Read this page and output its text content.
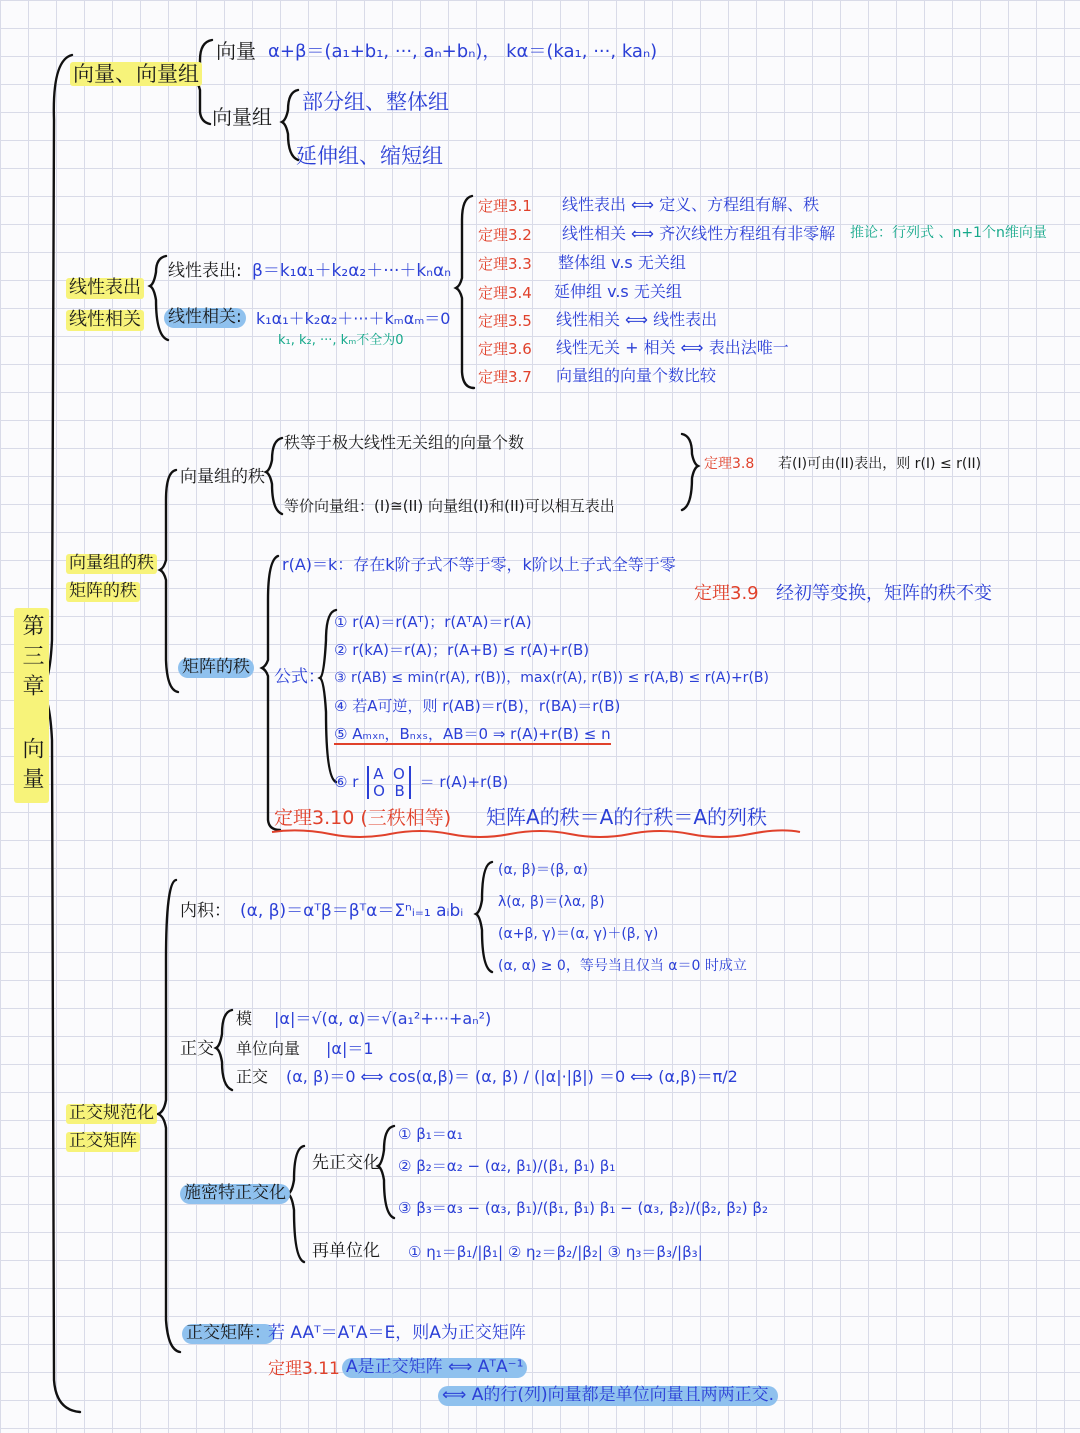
第三章 向量
向量、向量组
向量 α+β＝(a₁+b₁, ···, aₙ+bₙ)， kα＝(ka₁, ···, kaₙ)
向量组
部分组、整体组
延伸组、缩短组
线性表出
线性相关
线性表出: β＝k₁α₁＋k₂α₂＋···＋kₙαₙ
线性相关: k₁α₁＋k₂α₂＋···＋kₘαₘ＝0
k₁, k₂, ···, kₘ不全为0
定理3.1 线性表出 ⟺ 定义、方程组有解、秩
定理3.2 线性相关 ⟺ 齐次线性方程组有非零解 推论：行列式 、n+1个n维向量
定理3.3 整体组 v.s 无关组
定理3.4 延伸组 v.s 无关组
定理3.5 线性相关 ⟺ 线性表出
定理3.6 线性无关 + 相关 ⟺ 表出法唯一
定理3.7 向量组的向量个数比较
向量组的秩
矩阵的秩
向量组的秩
秩等于极大线性无关组的向量个数
等价向量组：(I)≅(II) 向量组(I)和(II)可以相互表出
定理3.8 若(I)可由(II)表出，则 r(I) ≤ r(II)
r(A)＝k：存在k阶子式不等于零，k阶以上子式全等于零
定理3.9 经初等变换，矩阵的秩不变
矩阵的秩 公式：
① r(A)＝r(Aᵀ)；r(AᵀA)＝r(A)
② r(kA)＝r(A)；r(A+B) ≤ r(A)+r(B)
③ r(AB) ≤ min(r(A), r(B))，max(r(A), r(B)) ≤ r(A,B) ≤ r(A)+r(B)
④ 若A可逆，则 r(AB)＝r(B)，r(BA)＝r(B)
⑤ Aₘₓₙ，Bₙₓₛ，AB＝0 ⇒ r(A)+r(B) ≤ n
⑥ r A O
O B ＝ r(A)+r(B)
定理3.10 (三秩相等) 矩阵A的秩＝A的行秩＝A的列秩
正交规范化
正交矩阵
内积： (α, β)＝αᵀβ＝βᵀα＝Σⁿᵢ₌₁ aᵢbᵢ
(α, β)＝(β, α)
λ(α, β)＝(λα, β)
(α+β, γ)＝(α, γ)＋(β, γ)
(α, α) ≥ 0，等号当且仅当 α＝0 时成立
正交
模 |α|＝√(α, α)＝√(a₁²+···+aₙ²)
单位向量 |α|＝1
正交 (α, β)＝0 ⟺ cos(α,β)＝ (α, β) / (|α|·|β|) ＝0 ⟺ (α,β)＝π/2
施密特正交化
先正交化
① β₁＝α₁
② β₂＝α₂ − (α₂, β₁)/(β₁, β₁) β₁
③ β₃＝α₃ − (α₃, β₁)/(β₁, β₁) β₁ − (α₃, β₂)/(β₂, β₂) β₂
再单位化 ① η₁＝β₁/|β₁| ② η₂＝β₂/|β₂| ③ η₃＝β₃/|β₃|
正交矩阵：
若 AAᵀ＝AᵀA＝E，则A为正交矩阵
定理3.11 A是正交矩阵 ⟺ AᵀA⁻¹
⟺ A的行(列)向量都是单位向量且两两正交.
